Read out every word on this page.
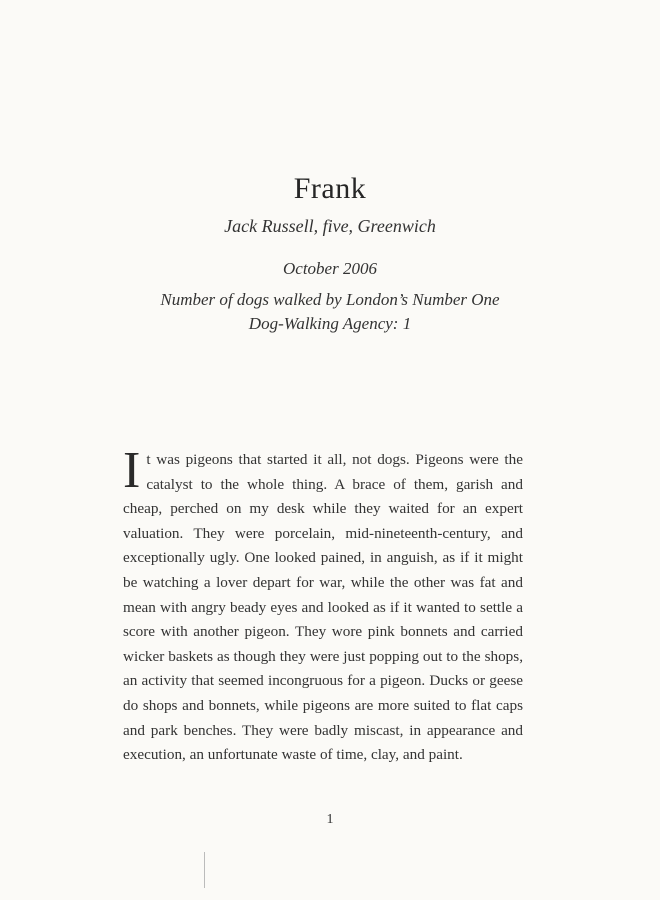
Frank
Jack Russell, five, Greenwich
October 2006
Number of dogs walked by London’s Number One
Dog-Walking Agency: 1
It was pigeons that started it all, not dogs. Pigeons were the catalyst to the whole thing. A brace of them, garish and cheap, perched on my desk while they waited for an expert valuation. They were porcelain, mid-nineteenth-century, and exceptionally ugly. One looked pained, in anguish, as if it might be watching a lover depart for war, while the other was fat and mean with angry beady eyes and looked as if it wanted to settle a score with another pigeon. They wore pink bonnets and carried wicker baskets as though they were just popping out to the shops, an activity that seemed incongruous for a pigeon. Ducks or geese do shops and bonnets, while pigeons are more suited to flat caps and park benches. They were badly miscast, in appearance and execution, an unfortunate waste of time, clay, and paint.
1
